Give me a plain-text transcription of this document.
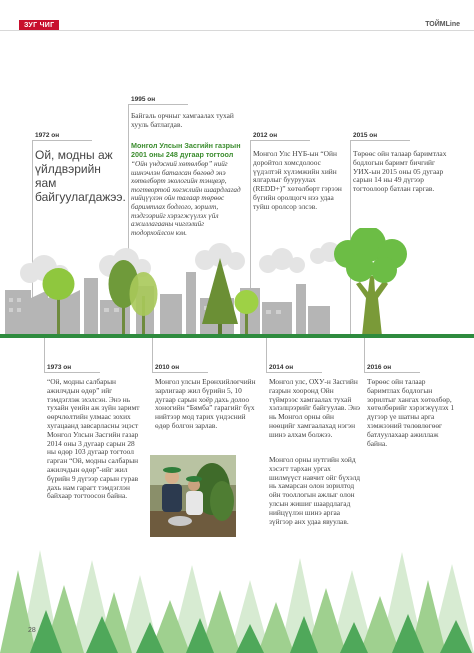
ЗУГ ЧИГ	ТОЙМLine
1972 он
Ой, модны аж үйлдвэрийн яам байгуулагдажээ.
1995 он
Байгаль орчныг хамгаалах тухай хууль батлагдав.
Монгол Улсын Засгийн газрын 2001 оны 248 дугаар тогтоол
“Ойн үндэсний хөтөлбөр” нийг шинэчлэн баталсан бөгөөд энэ хөтөлбөрт экологийн тэнцвэр, тогтвортой хөгжлийн шаардлагад нийцүүлэн ойн талаар төрөөс баримтлах бодлого, зорилт, тэдгээрийг хэрэгжүүлэх үйл ажиллагааны чиглэлийг тодорхойлсон юм.
2012 он
Монгол Улс НҮБ-ын “Ойн доройтол хомсдолоос үүдэлтэй хүлэмжийн хийн ялгарлыг бууруулах (REDD+)” хөтөлбөрт гэрээн бүгийн оролцогч нээ удаа туйш оролсор элсэв.
2015 он
Төрөөс ойн талаар баримтлах бодлогын баримт бичгийг УИХ-ын 2015 оны 05 дугаар сарын 14 ны 49 дүгээр тогтоолоор батлан гаргав.
1973 он
“Ой, модны салбарын ажилчдын өдөр” ийг тэмдэглэж эхэлсэн. Энэ нь тухайн үеийн аж зүйн заримт өөрчлөлтийн улмаас зохих хугацаанд завсарласны эцэст Монгол Улсын Засгийн газар 2014 оны 3 дугаар сарын 28 ны өдөр 103 дугаар тогтоол гарган “Ой, модны салбарын ажилчдын өдөр”-ийг жил бүрийн 9 дүгээр сарын гурав дахь нам гарагт тэмдэглэн байхаар тогтоосон байна.
2010 он
Монгол улсын Ерөнхийлөгчийн зарлигаар жил бүрийн 5, 10 дугаар сарын хоёр дахь долоо хоногийн “Бямба” гарагийг бүх нийтээр мод тарих үндэсний өдөр болгон зарлав.
2014 он
Монгол улс, ОХУ-н Засгийн газрын хооронд Ойн түймрээс хамгаалах тухай хэлэлцээрийг байгуулав. Энэ нь Монгол орны ойн нөөцийг хамгаалахад нэгэн шинэ алхам болжээ.
Монгол орны нутгийн хойд хэсэгт тархан ургах шилмүүст навчит ойг бүхэлд нь хамарсан олон зорилтод ойн тооллогын ажлыг олон улсын жишиг шаардлагад нийцүүлэн шинэ аргаа зүйгээр анх удаа явуулав.
2016 он
Төрөөс ойн талаар баримтлах бодлогын зорилтыг хангах хөтөлбөр, хөтөлбөрийг хэрэгжүүлэх 1 дүгээр үе шатны арга хэмжээний төлөвлөгөөг батлуулахаар ажиллаж байна.
28
